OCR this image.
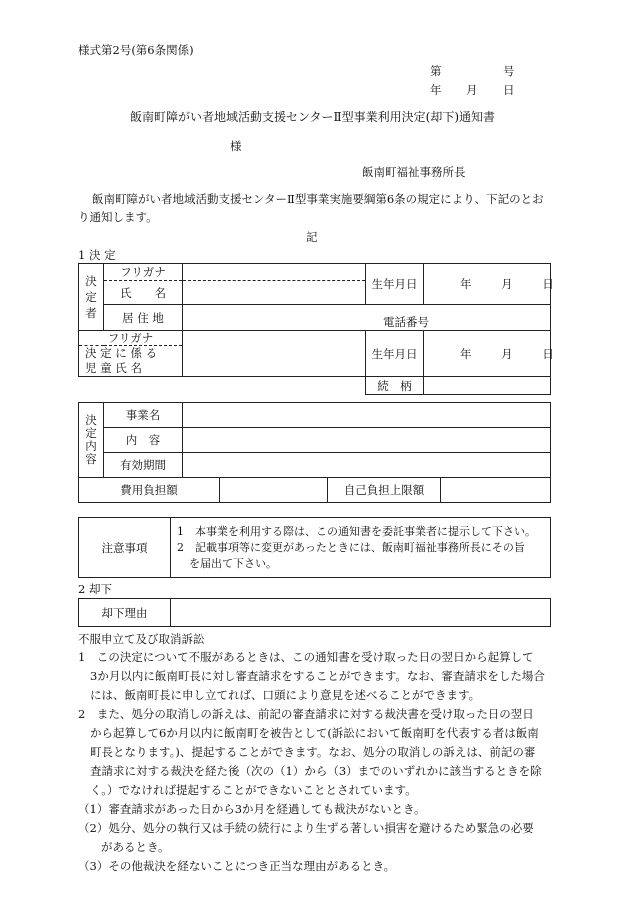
様式第2号(第6条関係)
第	号
年 月 日
飯南町障がい者地域活動支援センターⅡ型事業利用決定(却下)通知書
様
飯南町福祉事務所長
飯南町障がい者地域活動支援センターⅡ型事業実施要綱第6条の規定により、下記のとお
り通知します。
記
1 決 定
決
定
者	フリガナ		生年月日	年 月 日
	氏　　名			
	居 住 地	電話番号		
フリガナ			生年月日	年 月 日

決 定 に 係 る
児 童 氏 名				

			続　柄	
決
定
内
容	事業名				
	内　容				
	有効期間				
費用負担額				自己負担上限額	
注意事項	
1　本事業を利用する際は、この通知書を委託事業者に提示して下さい。
2　記載事項等に変更があったときには、飯南町福祉事務所長にその旨
を届出て下さい。
2 却下
却下理由	
不服申立て及び取消訴訟

1　この決定について不服があるときは、この通知書を受け取った日の翌日から起算して

3か月以内に飯南町長に対し審査請求をすることができます。なお、審査請求をした場合

には、飯南町長に申し立てれば、口頭により意見を述べることができます。

2　また、処分の取消しの訴えは、前記の審査請求に対する裁決書を受け取った日の翌日

から起算して6か月以内に飯南町を被告として(訴訟において飯南町を代表する者は飯南

町長となります。)、提起することができます。なお、処分の取消しの訴えは、前記の審

査請求に対する裁決を経た後（次の（1）から（3）までのいずれかに該当するときを除

く。）でなければ提起することができないこととされています。

（1）審査請求があった日から3か月を経過しても裁決がないとき。

（2）処分、処分の執行又は手続の続行により生ずる著しい損害を避けるため緊急の必要

　　があるとき。

（3）その他裁決を経ないことにつき正当な理由があるとき。
